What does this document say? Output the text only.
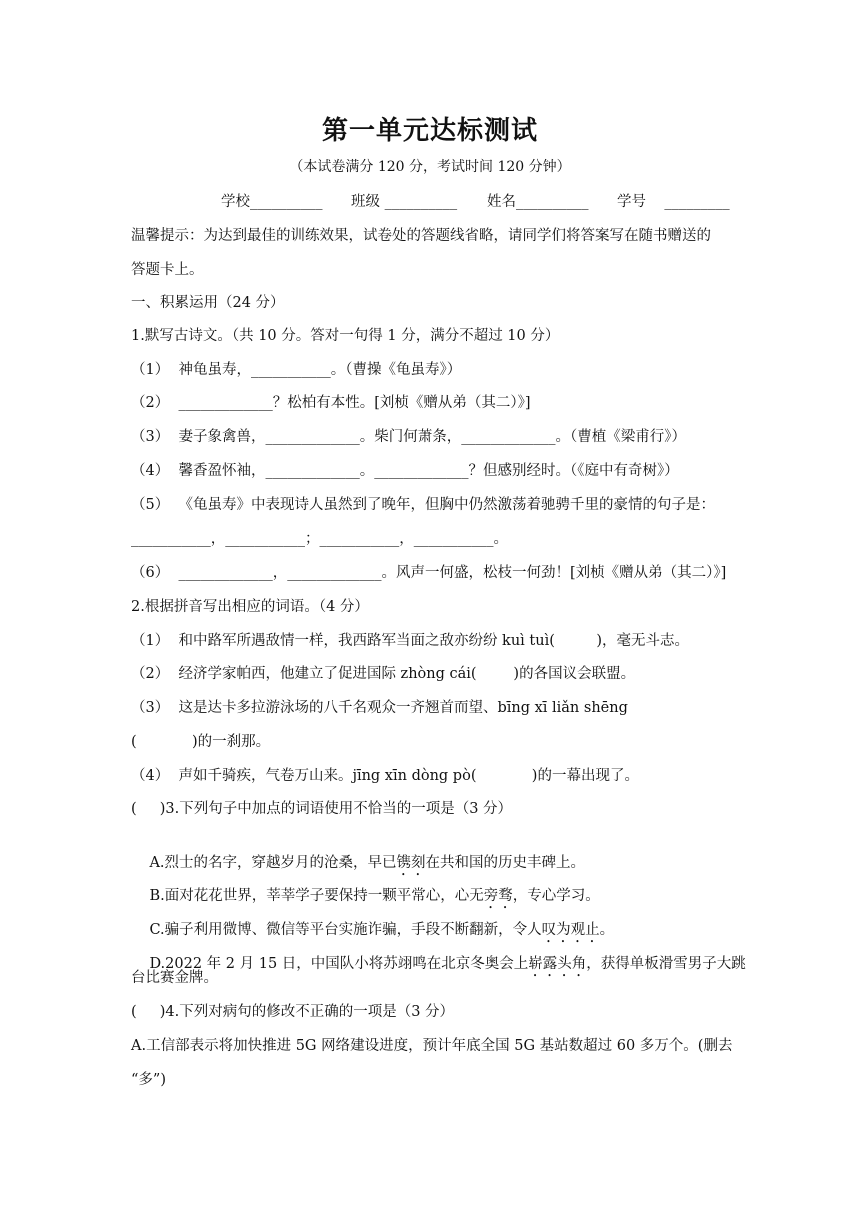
第一单元达标测试
（本试卷满分 120 分，考试时间 120 分钟）
学校__________ 班级 __________ 姓名__________ 学号    _________
温馨提示：为达到最佳的训练效果，试卷处的答题线省略，请同学们将答案写在随书赠送的
答题卡上。
一、积累运用（24 分）
1.默写古诗文。（共 10 分。答对一句得 1 分，满分不超过 10 分）
（1）  神龟虽寿，___________。（曹操《龟虽寿》）
（2）  _____________？松柏有本性。[刘桢《赠从弟（其二）》]
（3）  妻子象禽兽，_____________。柴门何萧条，_____________。（曹植《梁甫行》）
（4）  馨香盈怀袖，_____________。_____________？但感别经时。（《庭中有奇树》）
（5）  《龟虽寿》中表现诗人虽然到了晚年，但胸中仍然激荡着驰骋千里的豪情的句子是：
___________，___________；___________，___________。
（6）  _____________，_____________。风声一何盛，松枝一何劲！[刘桢《赠从弟（其二）》]
2.根据拼音写出相应的词语。（4 分）
（1）  和中路军所遇敌情一样，我西路军当面之敌亦纷纷 kuì tuì(         )，毫无斗志。
（2）  经济学家帕西，他建立了促进国际 zhòng cái(        )的各国议会联盟。
（3）  这是达卡多拉游泳场的八千名观众一齐翘首而望、bīng xī liǎn shēng
(            )的一刹那。
（4）  声如千骑疾，气卷万山来。jīng xīn dòng pò(            )的一幕出现了。
(     )3.下列句子中加点的词语使用不恰当的一项是（3 分）

A.烈士的名字，穿越岁月的沧桑，早已镌刻在共和国的历史丰碑上。

B.面对花花世界，莘莘学子要保持一颗平常心，心无旁骛，专心学习。

C.骗子利用微博、微信等平台实施诈骗，手段不断翻新，令人叹为观止。

D.2022 年 2 月 15 日，中国队小将苏翊鸣在北京冬奥会上崭露头角，获得单板滑雪男子大跳

台比赛金牌。
(     )4.下列对病句的修改不正确的一项是（3 分）
A.工信部表示将加快推进 5G 网络建设进度，预计年底全国 5G 基站数超过 60 多万个。(删去
“多”)
